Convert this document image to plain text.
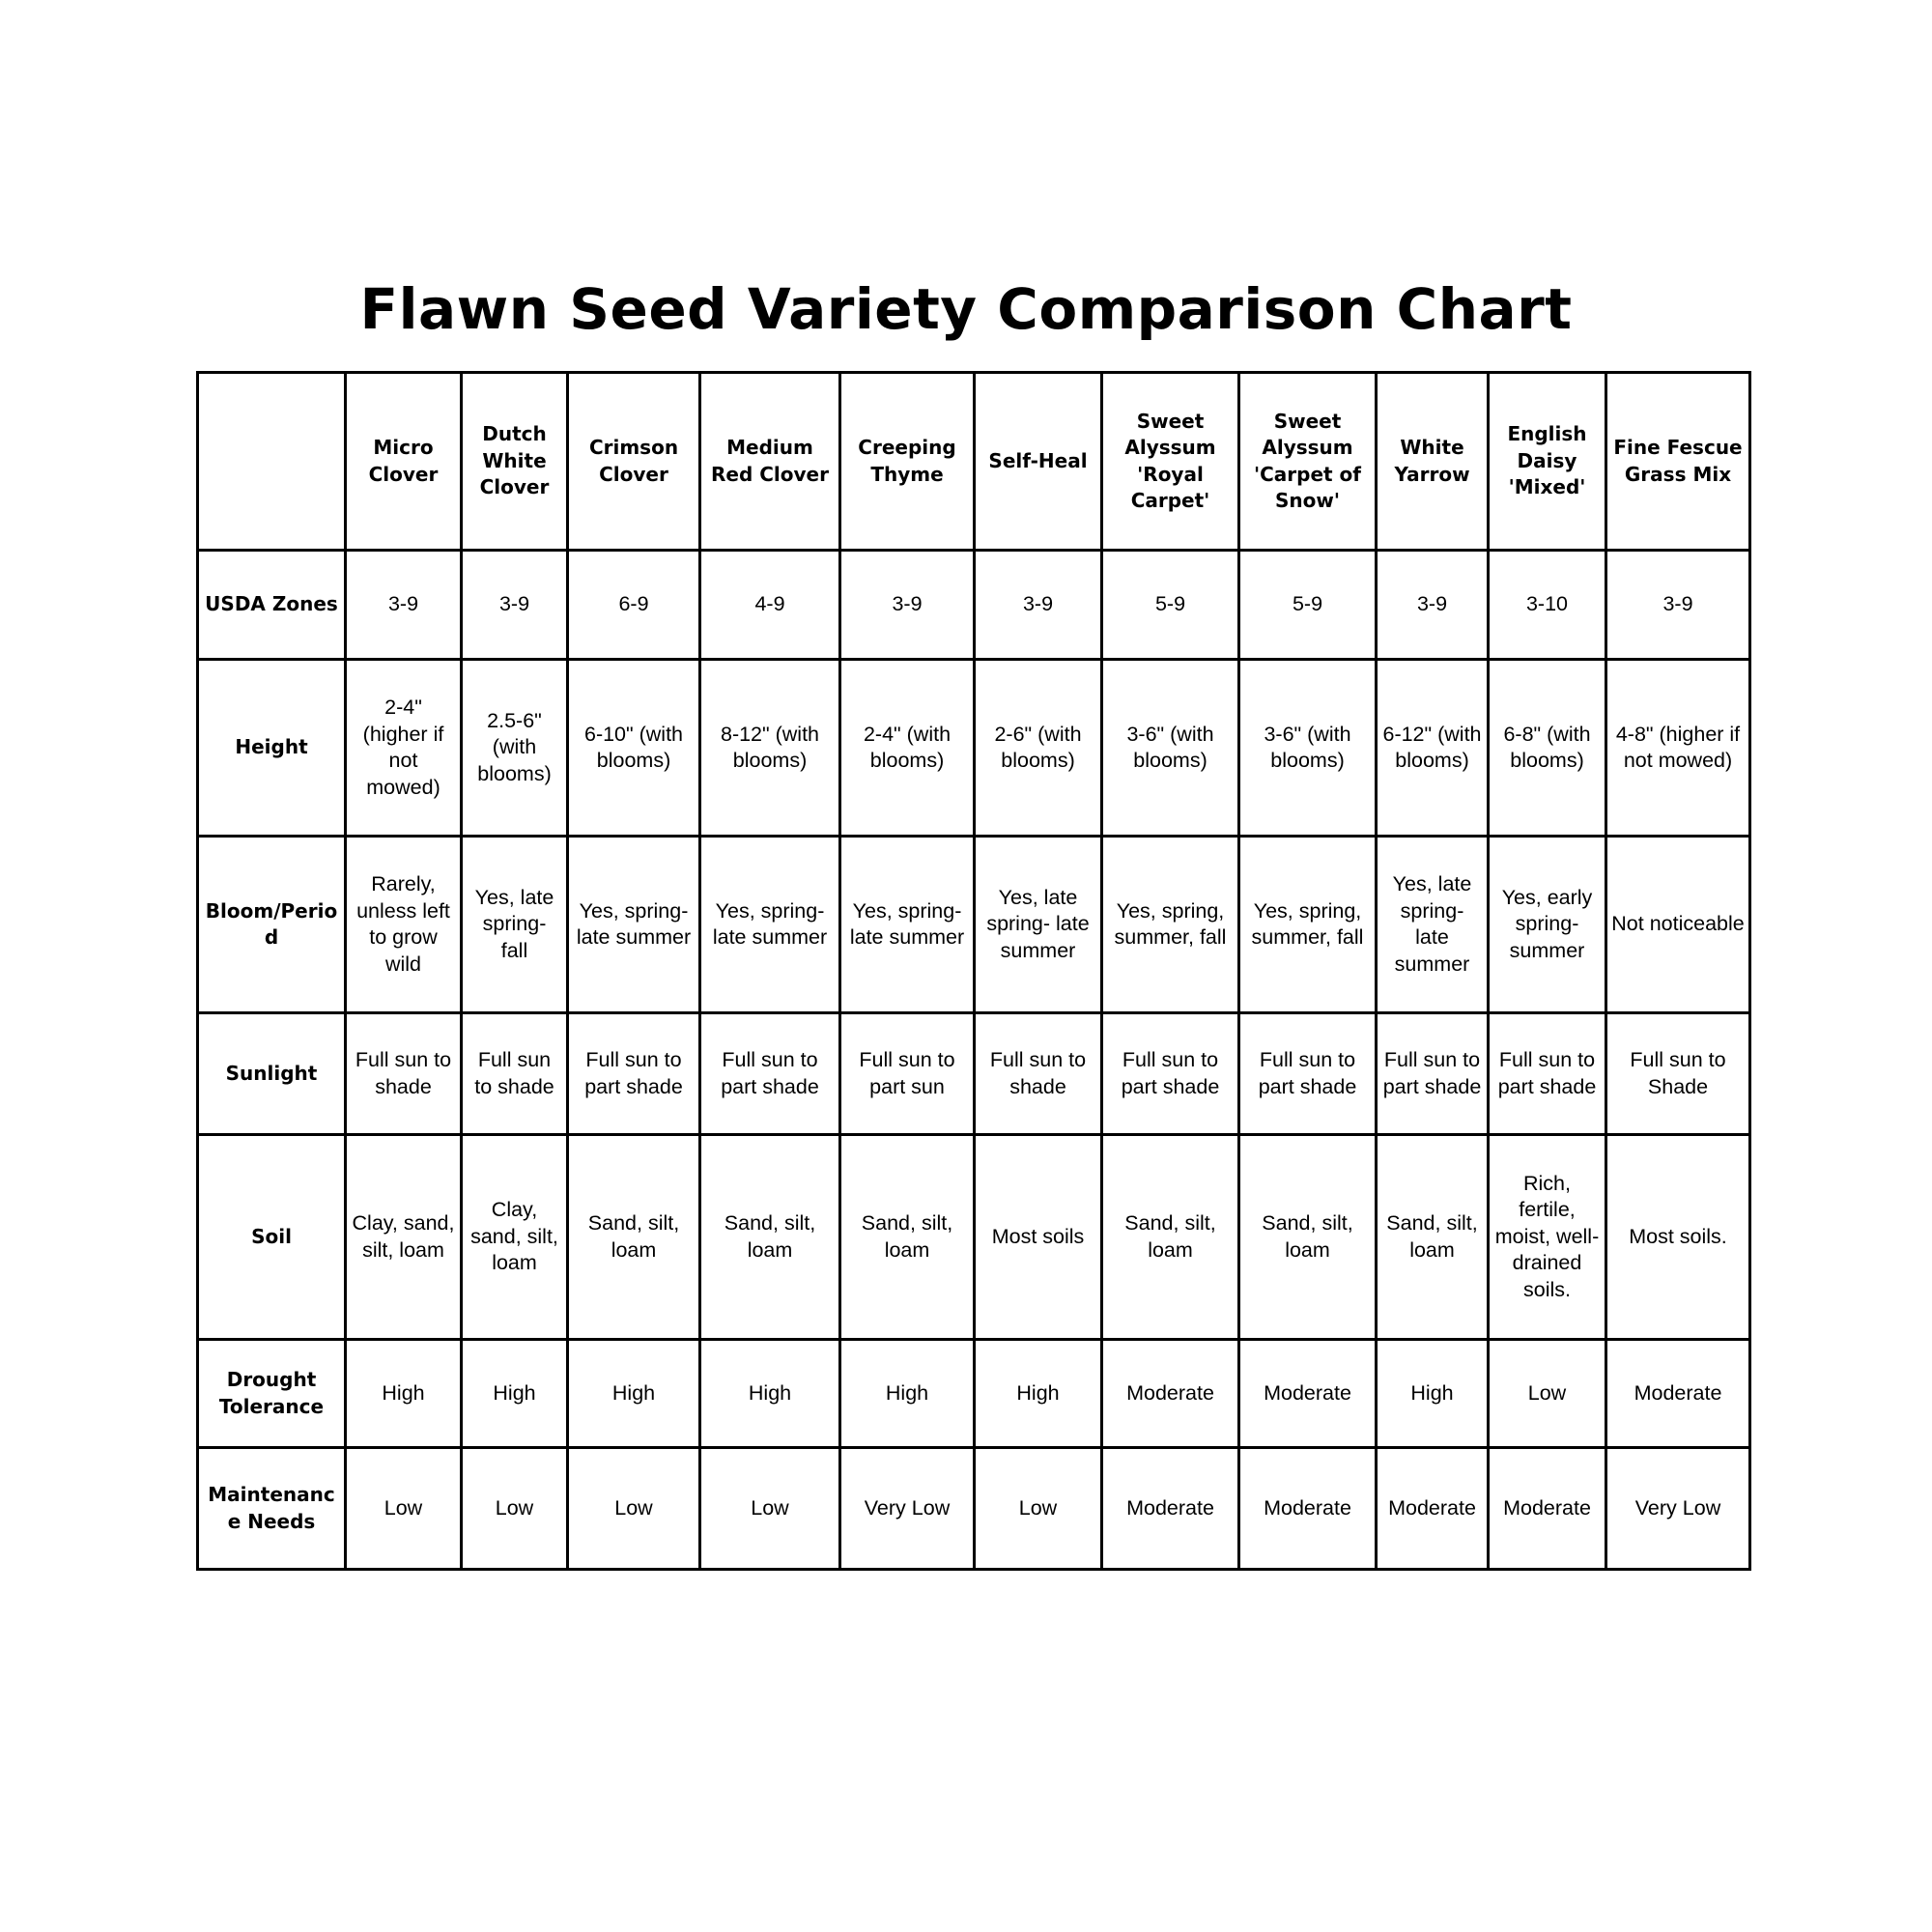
Flawn Seed Variety Comparison Chart
	Micro Clover	Dutch White Clover	Crimson Clover	Medium Red Clover	Creeping Thyme	Self-Heal	Sweet Alyssum 'Royal Carpet'	Sweet Alyssum 'Carpet of Snow'	White Yarrow	English Daisy 'Mixed'	Fine Fescue Grass Mix
USDA Zones	3-9	3-9	6-9	4-9	3-9	3-9	5-9	5-9	3-9	3-10	3-9
Height	2-4" (higher if not mowed)	2.5-6" (with blooms)	6-10" (with blooms)	8-12" (with blooms)	2-4" (with blooms)	2-6" (with blooms)	3-6" (with blooms)	3-6" (with blooms)	6-12" (with blooms)	6-8" (with blooms)	4-8" (higher if not mowed)
Bloom/Period	Rarely, unless left to grow wild	Yes, late spring- fall	Yes, spring- late summer	Yes, spring- late summer	Yes, spring- late summer	Yes, late spring- late summer	Yes, spring, summer, fall	Yes, spring, summer, fall	Yes, late spring- late summer	Yes, early spring- summer	Not noticeable
Sunlight	Full sun to shade	Full sun to shade	Full sun to part shade	Full sun to part shade	Full sun to part sun	Full sun to shade	Full sun to part shade	Full sun to part shade	Full sun to part shade	Full sun to part shade	Full sun to Shade
Soil	Clay, sand, silt, loam	Clay, sand, silt, loam	Sand, silt, loam	Sand, silt, loam	Sand, silt, loam	Most soils	Sand, silt, loam	Sand, silt, loam	Sand, silt, loam	Rich, fertile, moist, well-drained soils.	Most soils.
Drought Tolerance	High	High	High	High	High	High	Moderate	Moderate	High	Low	Moderate
Maintenance Needs	Low	Low	Low	Low	Very Low	Low	Moderate	Moderate	Moderate	Moderate	Very Low
